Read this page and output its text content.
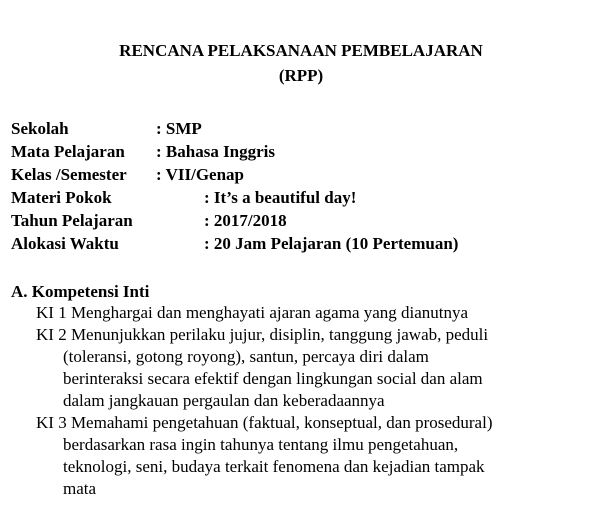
RENCANA PELAKSANAAN PEMBELAJARAN
(RPP)
Sekolah	: SMP
Mata Pelajaran : Bahasa Inggris
Kelas /Semester : VII/Genap
Materi Pokok	: It’s a beautiful day!
Tahun Pelajaran	: 2017/2018
Alokasi Waktu	: 20 Jam Pelajaran (10 Pertemuan)
A. Kompetensi Inti
KI 1 Menghargai dan menghayati ajaran agama yang dianutnya
KI 2 Menunjukkan perilaku jujur, disiplin, tanggung jawab, peduli
(toleransi, gotong royong), santun, percaya diri dalam
berinteraksi secara efektif dengan lingkungan social dan alam
dalam jangkauan pergaulan dan keberadaannya
KI 3 Memahami pengetahuan (faktual, konseptual, dan prosedural)
berdasarkan rasa ingin tahunya tentang ilmu pengetahuan,
teknologi, seni, budaya terkait fenomena dan kejadian tampak
mata
